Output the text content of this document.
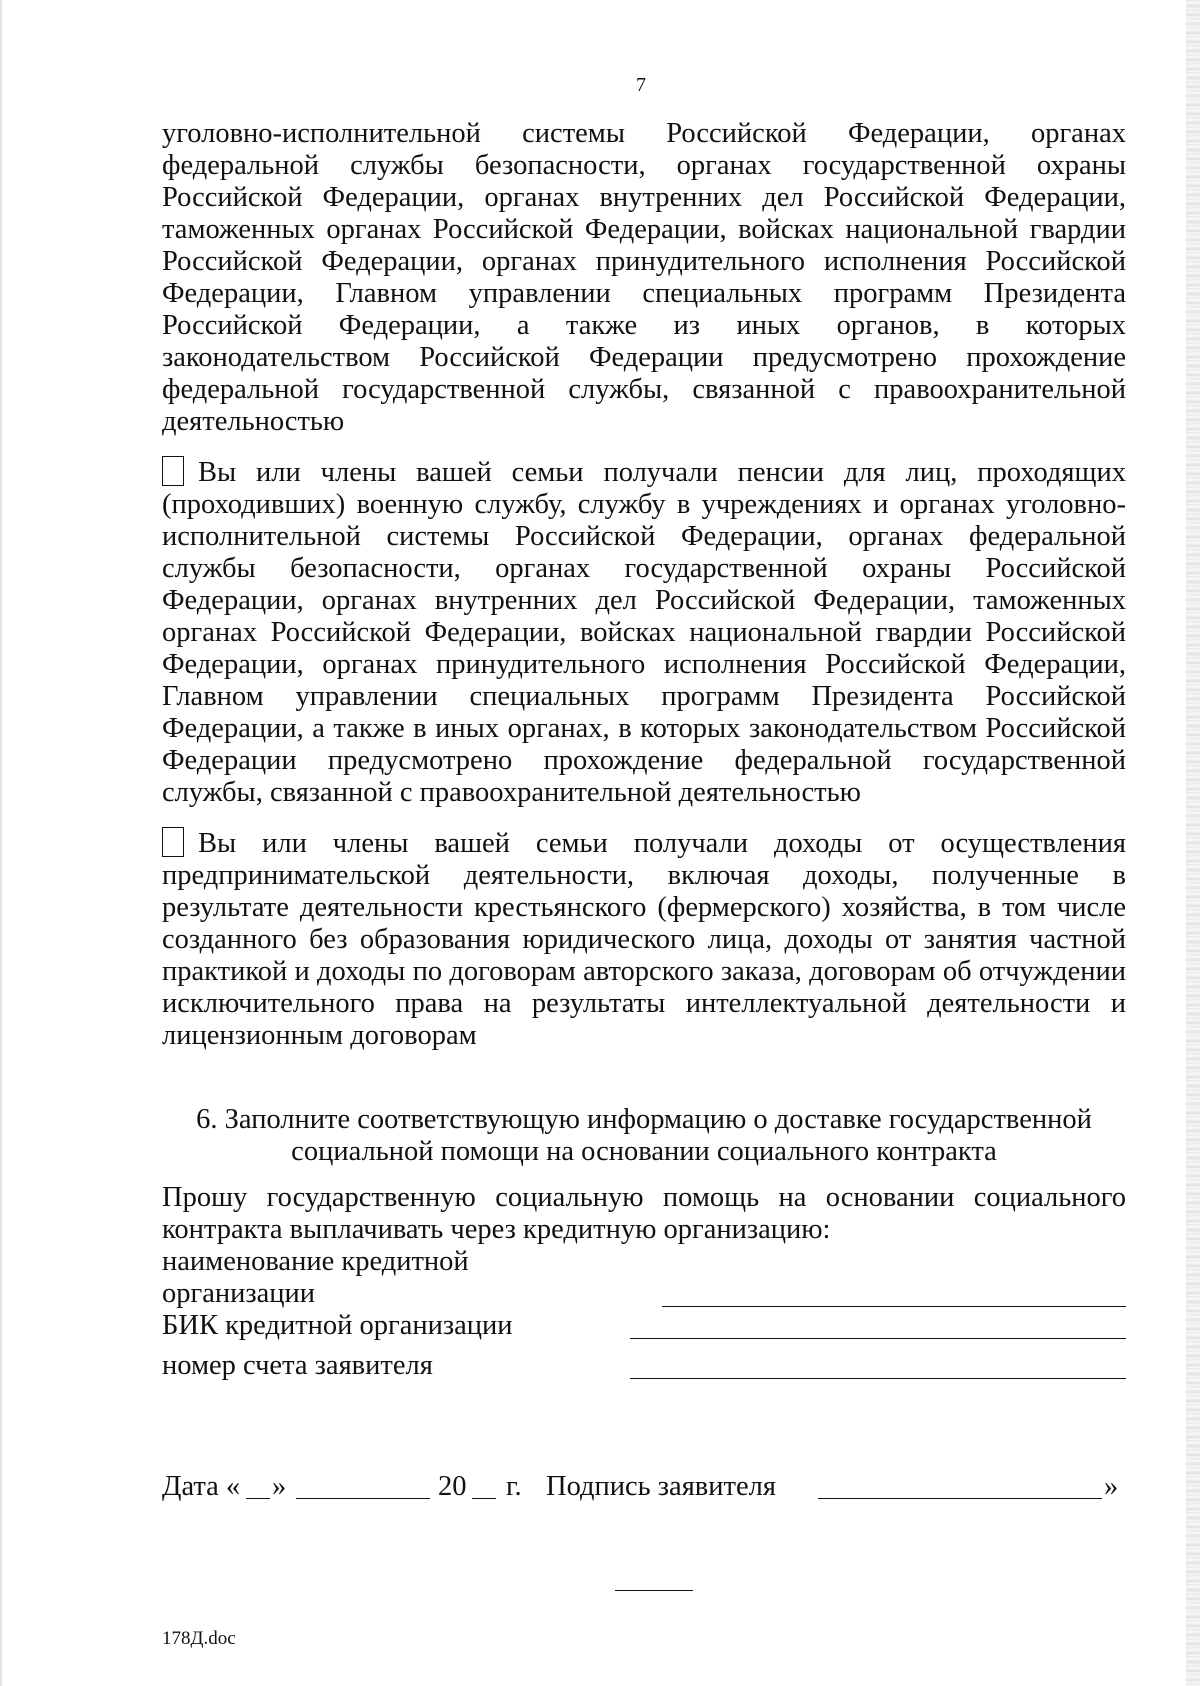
7

уголовно-исполнительной системы Российской Федерации, органах федеральной службы безопасности, органах государственной охраны Российской Федерации, органах внутренних дел Российской Федерации, таможенных органах Российской Федерации, войсках национальной гвардии Российской Федерации, органах принудительного исполнения Российской Федерации, Главном управлении специальных программ Президента Российской Федерации, а также из иных органов, в которых законодательством Российской Федерации предусмотрено прохождение федеральной государственной службы, связанной с правоохранительной деятельностью

Вы или члены вашей семьи получали пенсии для лиц, проходящих (проходивших) военную службу, службу в учреждениях и органах уголовно-исполнительной системы Российской Федерации, органах федеральной службы безопасности, органах государственной охраны Российской Федерации, органах внутренних дел Российской Федерации, таможенных органах Российской Федерации, войсках национальной гвардии Российской Федерации, органах принудительного исполнения Российской Федерации, Главном управлении специальных программ Президента Российской Федерации, а также в иных органах, в которых законодательством Российской Федерации предусмотрено прохождение федеральной государственной службы, связанной с правоохранительной деятельностью

Вы или члены вашей семьи получали доходы от осуществления предпринимательской деятельности, включая доходы, полученные в результате деятельности крестьянского (фермерского) хозяйства, в том числе созданного без образования юридического лица, доходы от занятия частной практикой и доходы по договорам авторского заказа, договорам об отчуждении исключительного права на результаты интеллектуальной деятельности и лицензионным договорам

6. Заполните соответствующую информацию о доставке государственной
социальной помощи на основании социального контракта

Прошу государственную социальную помощь на основании социального контракта выплачивать через кредитную организацию:

наименование кредитной
организации
БИК кредитной организации
номер счета заявителя
Дата « »	20 г. Подпись заявителя	»
178Д.doc
